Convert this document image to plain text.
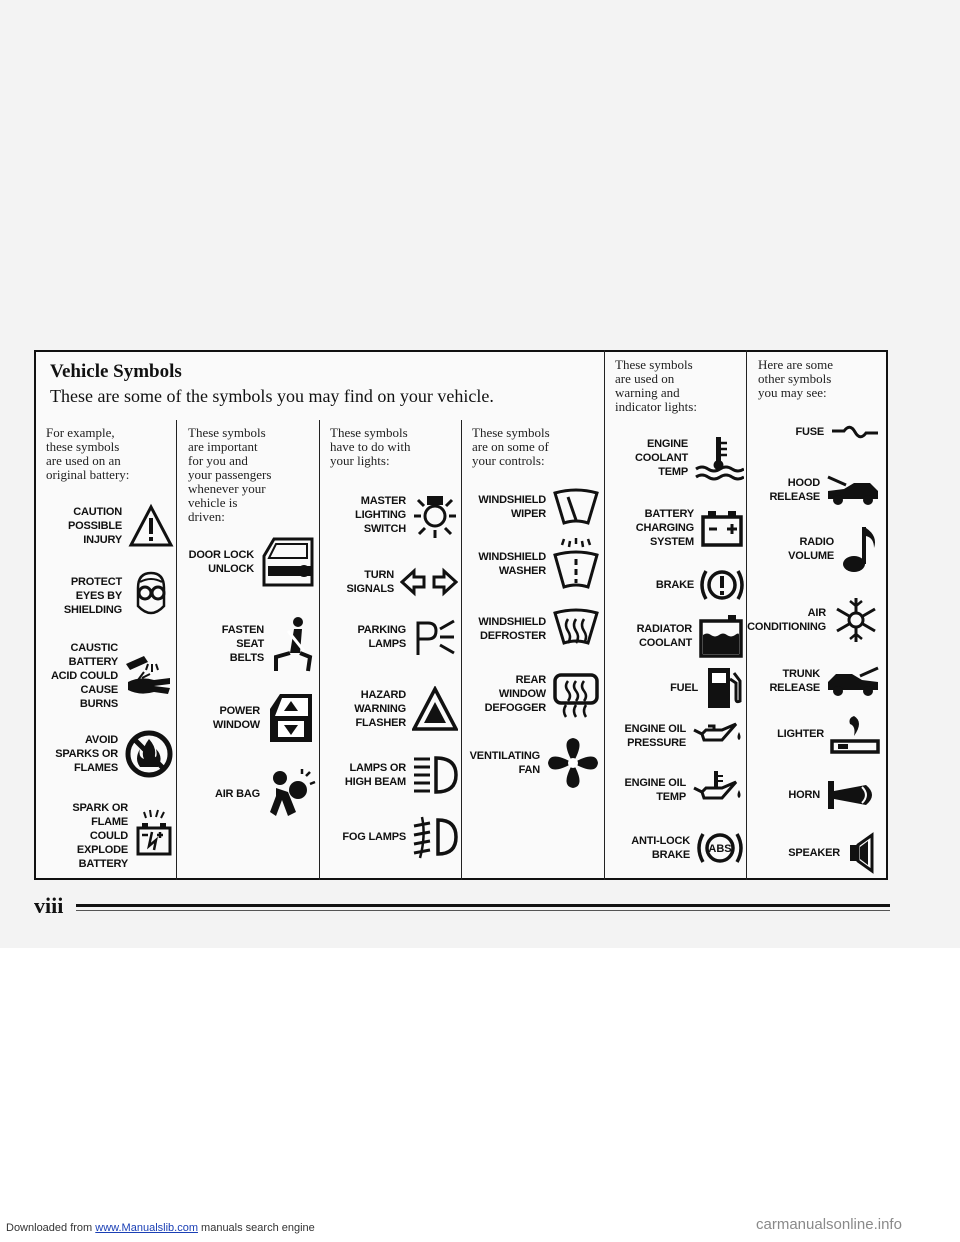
Vehicle Symbols
These are some of the symbols you may find on your vehicle.
For example,
these symbols
are used on an
original battery:
CAUTION
POSSIBLE
INJURY
PROTECT
EYES BY
SHIELDING
CAUSTIC
BATTERY
ACID COULD
CAUSE
BURNS
AVOID
SPARKS OR
FLAMES
SPARK OR
FLAME
COULD
EXPLODE
BATTERY
These symbols
are important
for you and
your passengers
whenever your
vehicle is
driven:
DOOR LOCK
UNLOCK
FASTEN
SEAT
BELTS
POWER
WINDOW
AIR BAG
These symbols
have to do with
your lights:
MASTER
LIGHTING
SWITCH
TURN
SIGNALS
PARKING
LAMPS
HAZARD
WARNING
FLASHER
LAMPS OR
HIGH BEAM
FOG LAMPS
These symbols
are on some of
your controls:
WINDSHIELD
WIPER
WINDSHIELD
WASHER
WINDSHIELD
DEFROSTER
REAR
WINDOW
DEFOGGER
VENTILATING
FAN
These symbols
are used on
warning and
indicator lights:
ENGINE
COOLANT
TEMP
BATTERY
CHARGING
SYSTEM
BRAKE
RADIATOR
COOLANT
FUEL
ENGINE OIL
PRESSURE
ENGINE OIL
TEMP
ANTI-LOCK
BRAKE ABS
Here are some
other symbols
you may see:
FUSE
HOOD
RELEASE
RADIO
VOLUME
AIR
CONDITIONING
TRUNK
RELEASE
LIGHTER
HORN
SPEAKER
viii
Downloaded from www.Manualslib.com manuals search engine	carmanualsonline.info
